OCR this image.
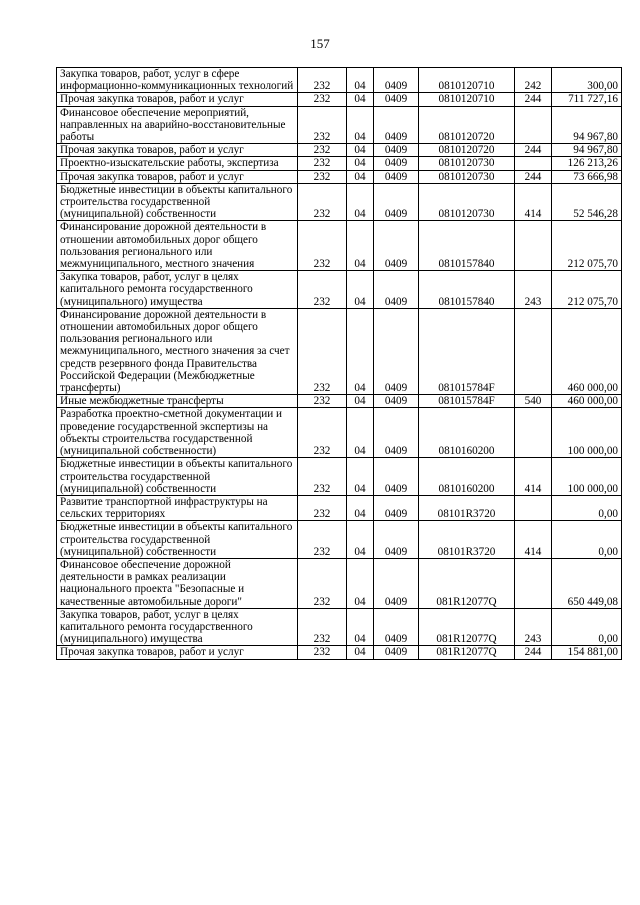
157
Закупка товаров, работ, услуг в сфере информационно-коммуникационных технологий	232	04	0409	0810120710	242	300,00
Прочая закупка товаров, работ и услуг	232	04	0409	0810120710	244	711 727,16
Финансовое обеспечение мероприятий, направленных на аварийно-восстановительные работы	232	04	0409	0810120720		94 967,80
Прочая закупка товаров, работ и услуг	232	04	0409	0810120720	244	94 967,80
Проектно-изыскательские работы, экспертиза	232	04	0409	0810120730		126 213,26
Прочая закупка товаров, работ и услуг	232	04	0409	0810120730	244	73 666,98
Бюджетные инвестиции в объекты капитального строительства государственной (муниципальной) собственности	232	04	0409	0810120730	414	52 546,28
Финансирование дорожной деятельности в отношении автомобильных дорог общего пользования регионального или межмуниципального, местного значения	232	04	0409	0810157840		212 075,70
Закупка товаров, работ, услуг в целях капитального ремонта государственного (муниципального) имущества	232	04	0409	0810157840	243	212 075,70
Финансирование дорожной деятельности в отношении автомобильных дорог общего пользования регионального или межмуниципального, местного значения за счет средств резервного фонда Правительства Российской Федерации (Межбюджетные трансферты)	232	04	0409	081015784F		460 000,00
Иные межбюджетные трансферты	232	04	0409	081015784F	540	460 000,00
Разработка проектно-сметной документации и проведение государственной экспертизы на объекты строительства государственной (муниципальной собственности)	232	04	0409	0810160200		100 000,00
Бюджетные инвестиции в объекты капитального строительства государственной (муниципальной) собственности	232	04	0409	0810160200	414	100 000,00
Развитие транспортной инфраструктуры на сельских территориях	232	04	0409	08101R3720		0,00
Бюджетные инвестиции в объекты капитального строительства государственной (муниципальной) собственности	232	04	0409	08101R3720	414	0,00
Финансовое обеспечение дорожной деятельности в рамках реализации национального проекта "Безопасные и качественные автомобильные дороги"	232	04	0409	081R12077Q		650 449,08
Закупка товаров, работ, услуг в целях капитального ремонта государственного (муниципального) имущества	232	04	0409	081R12077Q	243	0,00
Прочая закупка товаров, работ и услуг	232	04	0409	081R12077Q	244	154 881,00
